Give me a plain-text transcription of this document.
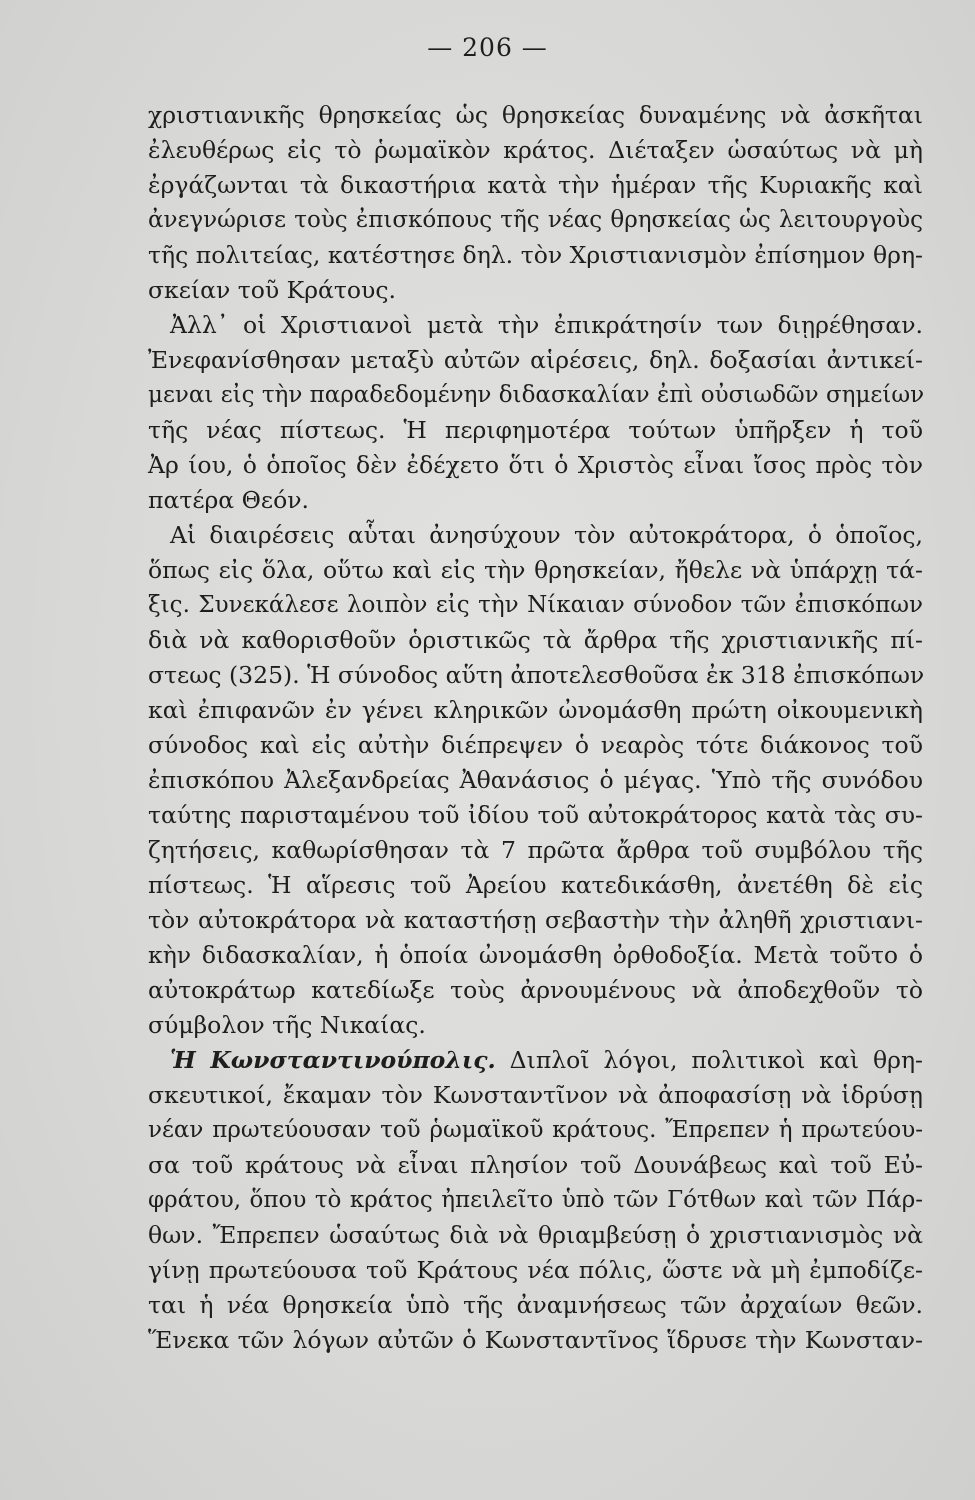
— 206 —
χριστιανικῆς θρησκείας ὡς θρησκείας δυναμένης νὰ ἀσκῆται
ἐλευθέρως εἰς τὸ ῥωμαϊκὸν κράτος. Διέταξεν ὡσαύτως νὰ μὴ
ἐργάζωνται τὰ δικαστήρια κατὰ τὴν ἡμέραν τῆς Κυριακῆς καὶ
ἀνεγνώρισε τοὺς ἐπισκόπους τῆς νέας θρησκείας ὡς λειτουργοὺς
τῆς πολιτείας, κατέστησε δηλ. τὸν Χριστιανισμὸν ἐπίσημον θρη-
σκείαν τοῦ Κράτους.
Ἀλλ᾽ οἱ Χριστιανοὶ μετὰ τὴν ἐπικράτησίν των διῃρέθησαν.
Ἐνεφανίσθησαν μεταξὺ αὐτῶν αἱρέσεις, δηλ. δοξασίαι ἀντικεί-
μεναι εἰς τὴν παραδεδομένην διδασκαλίαν ἐπὶ οὐσιωδῶν σημείων
τῆς νέας πίστεως. Ἡ περιφημοτέρα τούτων ὑπῆρξεν ἡ τοῦ
Ἀρ ίου, ὁ ὁποῖος δὲν ἐδέχετο ὅτι ὁ Χριστὸς εἶναι ἴσος πρὸς τὸν
πατέρα Θεόν.
Αἱ διαιρέσεις αὗται ἀνησύχουν τὸν αὐτοκράτορα, ὁ ὁποῖος,
ὅπως εἰς ὅλα, οὕτω καὶ εἰς τὴν θρησκείαν, ἤθελε νὰ ὑπάρχῃ τά-
ξις. Συνεκάλεσε λοιπὸν εἰς τὴν Νίκαιαν σύνοδον τῶν ἐπισκόπων
διὰ νὰ καθορισθοῦν ὁριστικῶς τὰ ἄρθρα τῆς χριστιανικῆς πί-
στεως (325). Ἡ σύνοδος αὕτη ἀποτελεσθοῦσα ἐκ 318 ἐπισκόπων
καὶ ἐπιφανῶν ἐν γένει κληρικῶν ὠνομάσθη πρώτη οἰκουμενικὴ
σύνοδος καὶ εἰς αὐτὴν διέπρεψεν ὁ νεαρὸς τότε διάκονος τοῦ
ἐπισκόπου Ἀλεξανδρείας Ἀθανάσιος ὁ μέγας. Ὑπὸ τῆς συνόδου
ταύτης παρισταμένου τοῦ ἰδίου τοῦ αὐτοκράτορος κατὰ τὰς συ-
ζητήσεις, καθωρίσθησαν τὰ 7 πρῶτα ἄρθρα τοῦ συμβόλου τῆς
πίστεως. Ἡ αἵρεσις τοῦ Ἀρείου κατεδικάσθη, ἀνετέθη δὲ εἰς
τὸν αὐτοκράτορα νὰ καταστήσῃ σεβαστὴν τὴν ἀληθῆ χριστιανι-
κὴν διδασκαλίαν, ἡ ὁποία ὠνομάσθη ὀρθοδοξία. Μετὰ τοῦτο ὁ
αὐτοκράτωρ κατεδίωξε τοὺς ἀρνουμένους νὰ ἀποδεχθοῦν τὸ
σύμβολον τῆς Νικαίας.
Ἡ Κωνσταντινούπολις. Διπλοῖ λόγοι, πολιτικοὶ καὶ θρη-
σκευτικοί, ἔκαμαν τὸν Κωνσταντῖνον νὰ ἀποφασίσῃ νὰ ἱδρύσῃ
νέαν πρωτεύουσαν τοῦ ῥωμαϊκοῦ κράτους. Ἔπρεπεν ἡ πρωτεύου-
σα τοῦ κράτους νὰ εἶναι πλησίον τοῦ Δουνάβεως καὶ τοῦ Εὐ-
φράτου, ὅπου τὸ κράτος ἠπειλεῖτο ὑπὸ τῶν Γότθων καὶ τῶν Πάρ-
θων. Ἔπρεπεν ὡσαύτως διὰ νὰ θριαμβεύσῃ ὁ χριστιανισμὸς νὰ
γίνῃ πρωτεύουσα τοῦ Κράτους νέα πόλις, ὥστε νὰ μὴ ἐμποδίζε-
ται ἡ νέα θρησκεία ὑπὸ τῆς ἀναμνήσεως τῶν ἀρχαίων θεῶν.
Ἕνεκα τῶν λόγων αὐτῶν ὁ Κωνσταντῖνος ἵδρυσε τὴν Κωνσταν-
